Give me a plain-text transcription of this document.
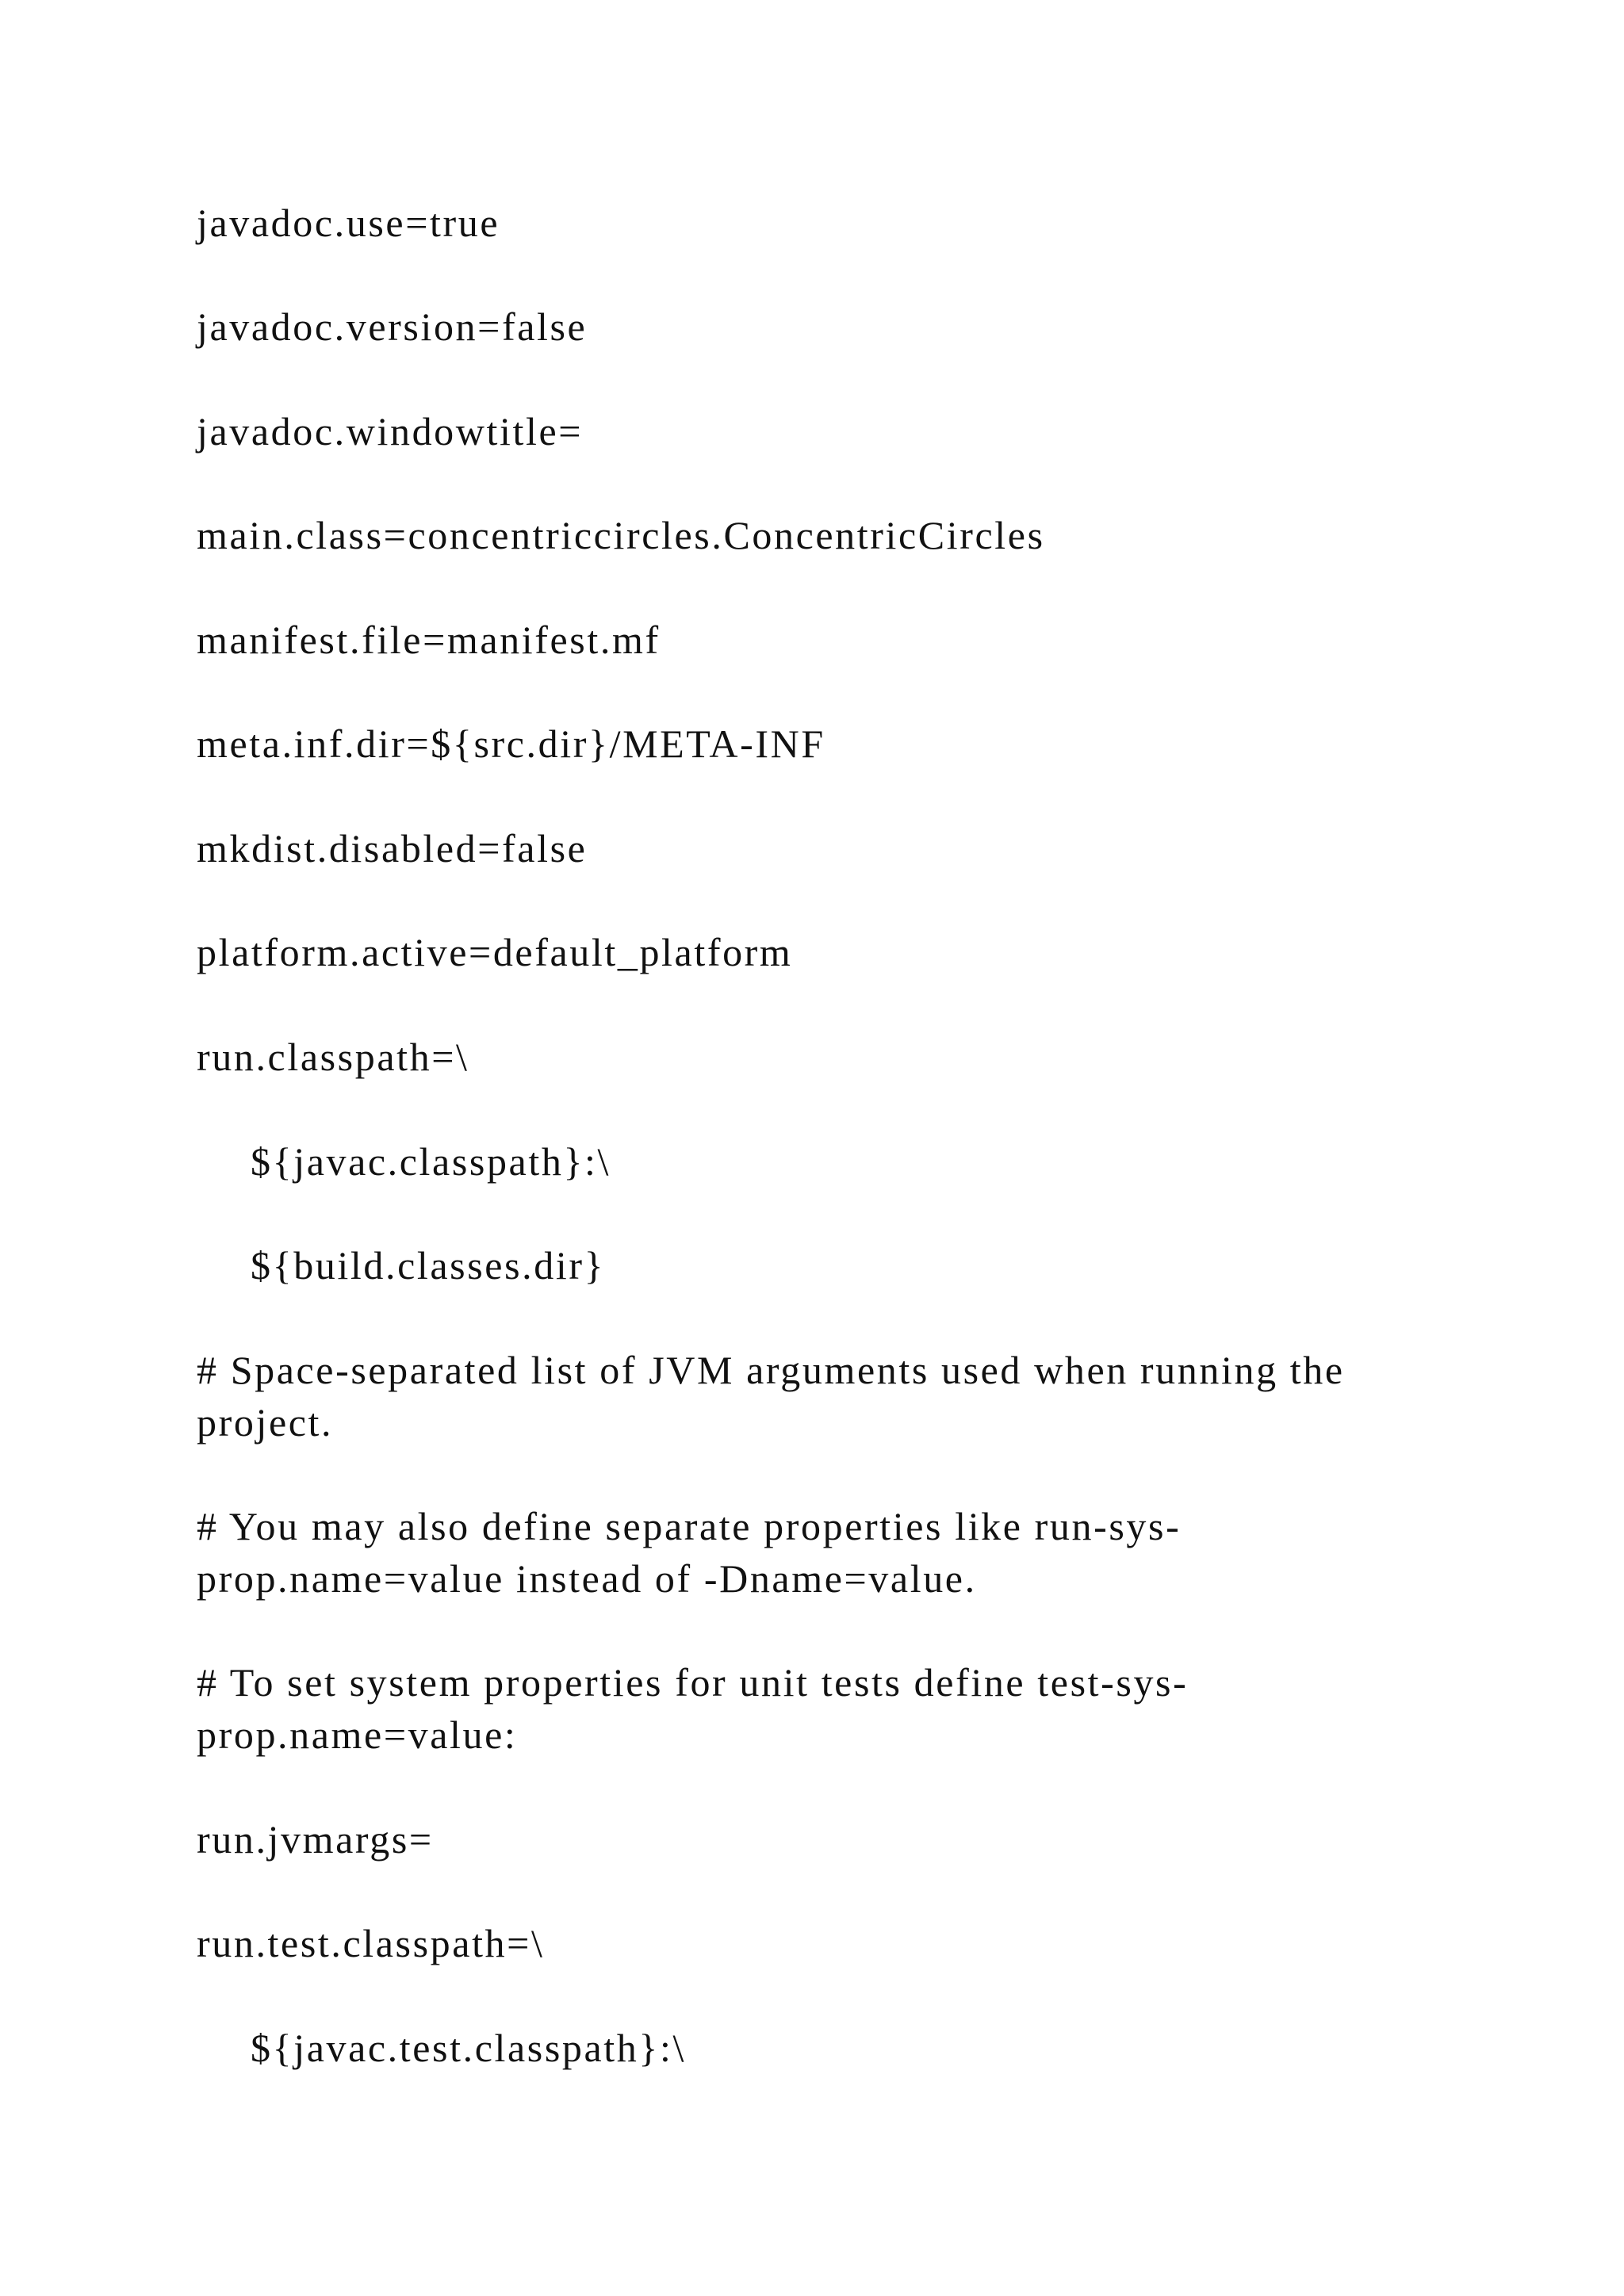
javadoc.use=true
javadoc.version=false
javadoc.windowtitle=
main.class=concentriccircles.ConcentricCircles
manifest.file=manifest.mf
meta.inf.dir=${src.dir}/META-INF
mkdist.disabled=false
platform.active=default_platform
run.classpath=\
${javac.classpath}:\
${build.classes.dir}
# Space-separated list of JVM arguments used when running the
project.
# You may also define separate properties like run-sys-
prop.name=value instead of -Dname=value.
# To set system properties for unit tests define test-sys-
prop.name=value:
run.jvmargs=
run.test.classpath=\
${javac.test.classpath}:\
